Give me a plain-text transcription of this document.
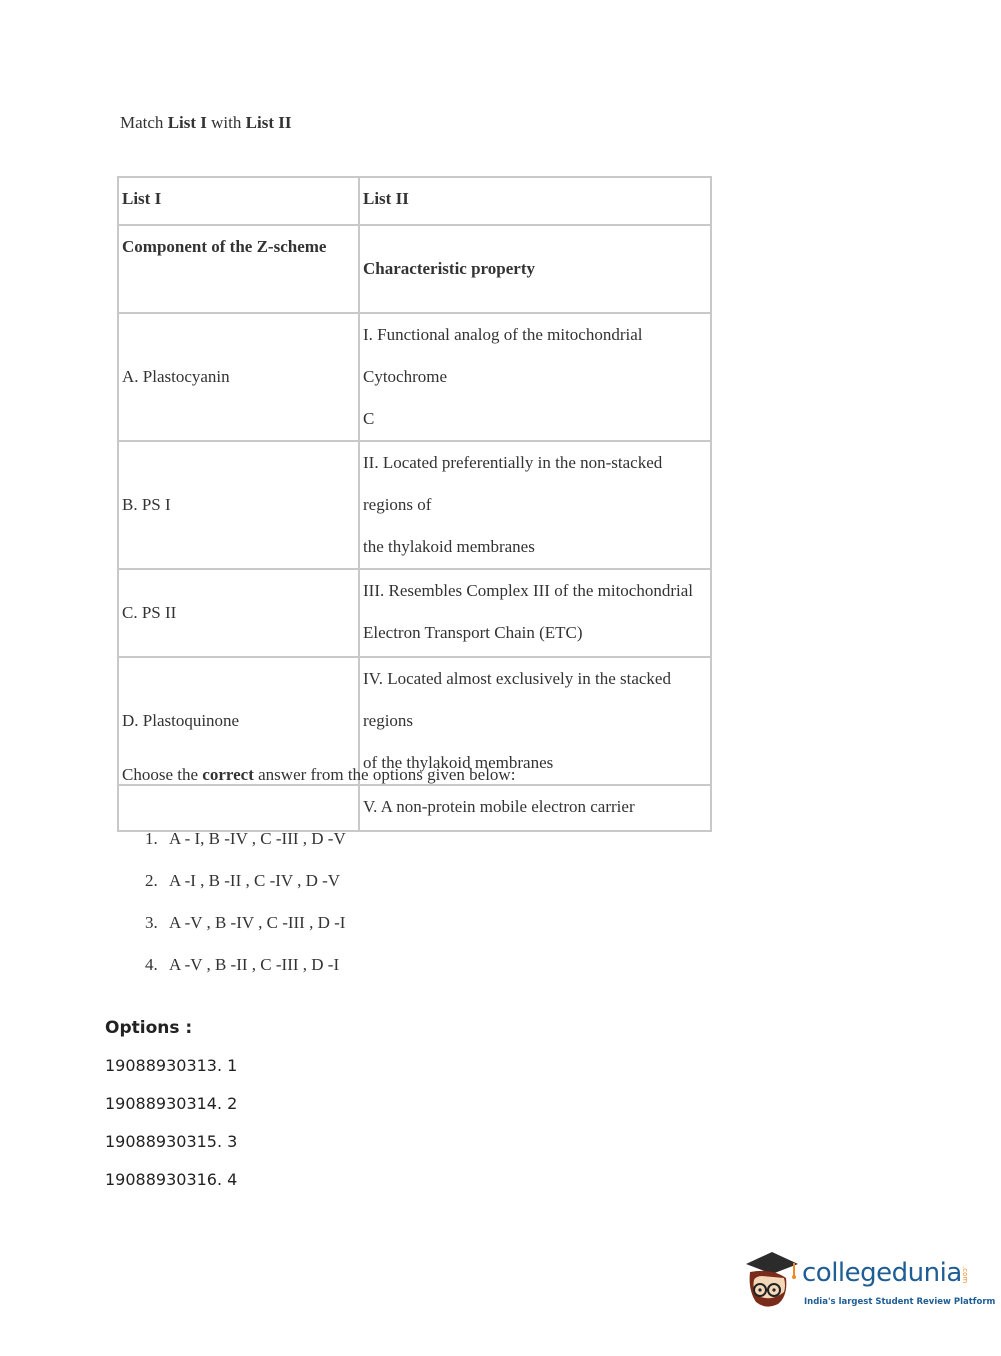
Match List I with List II
List I	List II
Component of the Z-scheme	Characteristic property
A. Plastocyanin	I. Functional analog of the mitochondrial Cytochrome
C

B. PS I	II. Located preferentially in the non-stacked regions of
the thylakoid membranes

C. PS II	III. Resembles Complex III of the mitochondrial
Electron Transport Chain (ETC)

D. Plastoquinone	IV. Located almost exclusively in the stacked regions
of the thylakoid membranes

	V. A non-protein mobile electron carrier
Choose the correct answer from the options given below:
1. A - I, B -IV , C -III , D -V
2. A -I , B -II , C -IV , D -V
3. A -V , B -IV , C -III , D -I
4. A -V , B -II , C -III , D -I
Options :
19088930313. 1
19088930314. 2
19088930315. 3
19088930316. 4
collegedunia .com
India's largest Student Review Platform
